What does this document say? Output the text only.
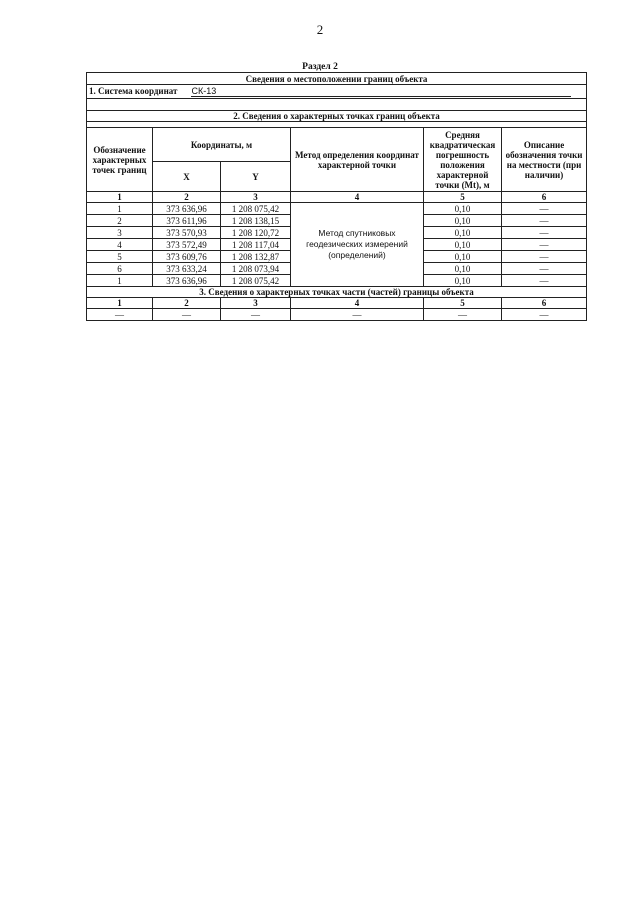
2
Раздел 2
Сведения о местоположении границ объекта					
1. Система координат СК-13					

2. Сведения о характерных точках границ объекта					

Обозначение характерных точек границ	Координаты, м		Метод определения координат характерной точки	Средняя квадратическая погрешность положения характерной точки (Mt), м	Описание обозначения точки на местности (при наличии)
	X	Y			
1	2	3	4	5	6
1	373 636,96	1 208 075,42	Метод спутниковых геодезических измерений (определений)	0,10	—
2	373 611,96	1 208 138,15		0,10	—
3	373 570,93	1 208 120,72		0,10	—
4	373 572,49	1 208 117,04		0,10	—
5	373 609,76	1 208 132,87		0,10	—
6	373 633,24	1 208 073,94		0,10	—
1	373 636,96	1 208 075,42		0,10	—
3. Сведения о характерных точках части (частей) границы объекта					
1	2	3	4	5	6
—	—	—	—	—	—
